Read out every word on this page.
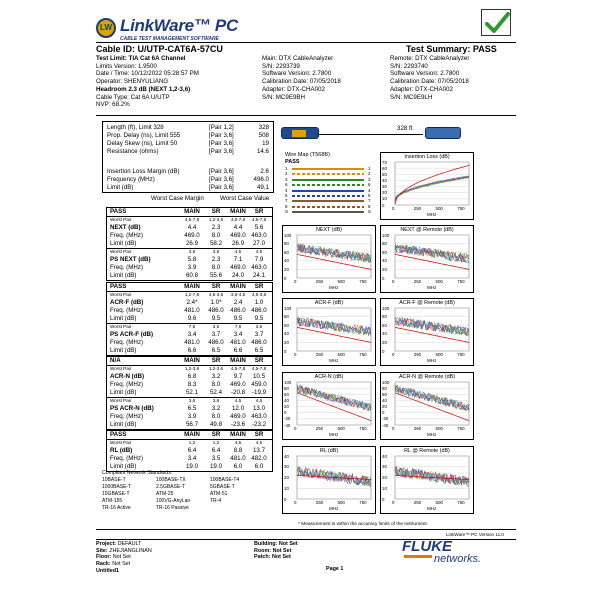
LW LinkWare™ PC
CABLE TEST MANAGEMENT SOFTWARE
Cable ID: U/UTP-CAT6A-57CU	Test Summary: PASS
Test Limit: TIA Cat 6A Channel
Limits Version: 1.9500
Date / Time: 10/12/2022 05:28:57 PM
Operator: SHENYULIANG
Headroom 2.3 dB (NEXT 1,2-3,6)
Cable Type: Cat 6A U/UTP
NVP: 68.2%
Main: DTX CableAnalyzer
S/N: 2293739
Software Version: 2.7800
Calibration Date: 07/05/2018
Adapter: DTX-CHA002
S/N: MC9E9BH
Remote: DTX CableAnalyzer
S/N: 2293740
Software Version: 2.7800
Calibration Date: 07/05/2018
Adapter: DTX-CHA002
S/N: MC9E9LH
Length (ft), Limit 328	[Pair 1,2]	328
Prop. Delay (ns), Limit 555	[Pair 3,6]	508
Delay Skew (ns), Limit 50	[Pair 3,6]	19
Resistance (ohms)	[Pair 3,6]	14.6
Insertion Loss Margin (dB)	[Pair 3,6]	2.6
Frequency (MHz)	[Pair 3,6]	496.0
Limit (dB)	[Pair 3,6]	49.1
Worst Case Margin	Worst Case Value
PASS	MAIN	SR	MAIN	SR
Worst Pair	4,5-7,8	1,2-3,6	4,5-7,8	4,5-7,8
NEXT (dB)	4.4	2.3	4.4	5.6
Freq. (MHz)	469.0	8.0	469.0 463.0
Limit (dB)	26.9	58.2	26.9	27.0
Worst Pair	3,6	3,6	4,5	4,5
PS NEXT (dB)	5.8	2.3	7.1	7.9
Freq. (MHz)	3.9	8.0	469.0 463.0
Limit (dB)	60.8	55.6	24.0	24.1
PASS	MAIN	SR	MAIN	SR
Worst Pair	1,2-7,8	4,5-3,6	3,6-4,5	4,5-3,6
ACR-F (dB)	2.4*	1.0*	2.4	1.0
Freq. (MHz)	481.0	486.0	486.0 486.0
Limit (dB)	9.6	9.5	9.5	9.5
Worst Pair	7,8	3,6	7,8	3,6
PS ACR-F (dB)	3.4	3.7	3.4	3.7
Freq. (MHz)	481.0	486.0	481.0 486.0
Limit (dB)	6.6	6.5	6.6	6.5
N/A	MAIN	SR	MAIN	SR
Worst Pair	1,2-3,6	1,2-3,6	4,5-7,8	4,5-7,8
ACR-N (dB)	6.8	3.2	9.7	10.5
Freq. (MHz)	8.3	8.0	469.0 459.0
Limit (dB)	52.1	52.4	-20.8	-19.9
Worst Pair	3,6	3,6	4,5	4,5
PS ACR-N (dB)	6.5	3.2	12.0	13.0
Freq. (MHz)	3.9	8.0	469.0 463.0
Limit (dB)	56.7	49.8	-23.6	-23.2
PASS	MAIN	SR	MAIN	SR
Worst Pair	1,2	1,2	4,5	4,5
RL (dB)	6.4	6.4	8.8	13.7
Freq. (MHz)	3.4	3.5	481.0 482.0
Limit (dB)	19.0	19.0	6.0	6.0
Compliant Network Standards:
10BASE-T	100BASE-TX	100BASE-T4
1000BASE-T	2.5GBASE-T	5GBASE-T
10GBASE-T	ATM-25	ATM-51
ATM-155	100VG-AnyLan	TR-4
TR-16 Active	TR-16 Passive
328 ft
Wire Map (T568B)
PASS
1	1
2	2
3	3
6	6
4	4
5	5
7	7
8	8
S	S
Insertion Loss (dB)
70
60
50
40
30
20
10
0
0	250	500	750
MHz
NEXT (dB)
100
80
60
40
20
0
0	250	500	750
MHz
NEXT @ Remote (dB)
100
80
60
40
20
0
0	250	500	750
MHz
ACR-F (dB)
100
80
60
40
20
0
0	250	500	750
MHz
ACR-F @ Remote (dB)
100
80
60
40
20
0
0	250	500	750
MHz
ACR-N (dB)
100
80
60
40
20
0
-20
-40
0	250	500	750
MHz
ACR-N @ Remote (dB)
100
80
60
40
20
0
-20
-40
0	250	500	750
MHz
RL (dB)
40
30
20
10
0
0	250	500	750
MHz
RL @ Remote (dB)
40
30
20
10
0
0	250	500	750
MHz
* Measurement is within the accuracy limits of the instrument.
LinkWare™ PC Version 11.0
Project: DEFAULT
Site: ZHEJIANGLINAN
Floor: Not Set
Rack: Not Set
Untitled1
Building: Not Set
Room: Not Set
Patch: Not Set
FLUKE
networks.
Page 1
